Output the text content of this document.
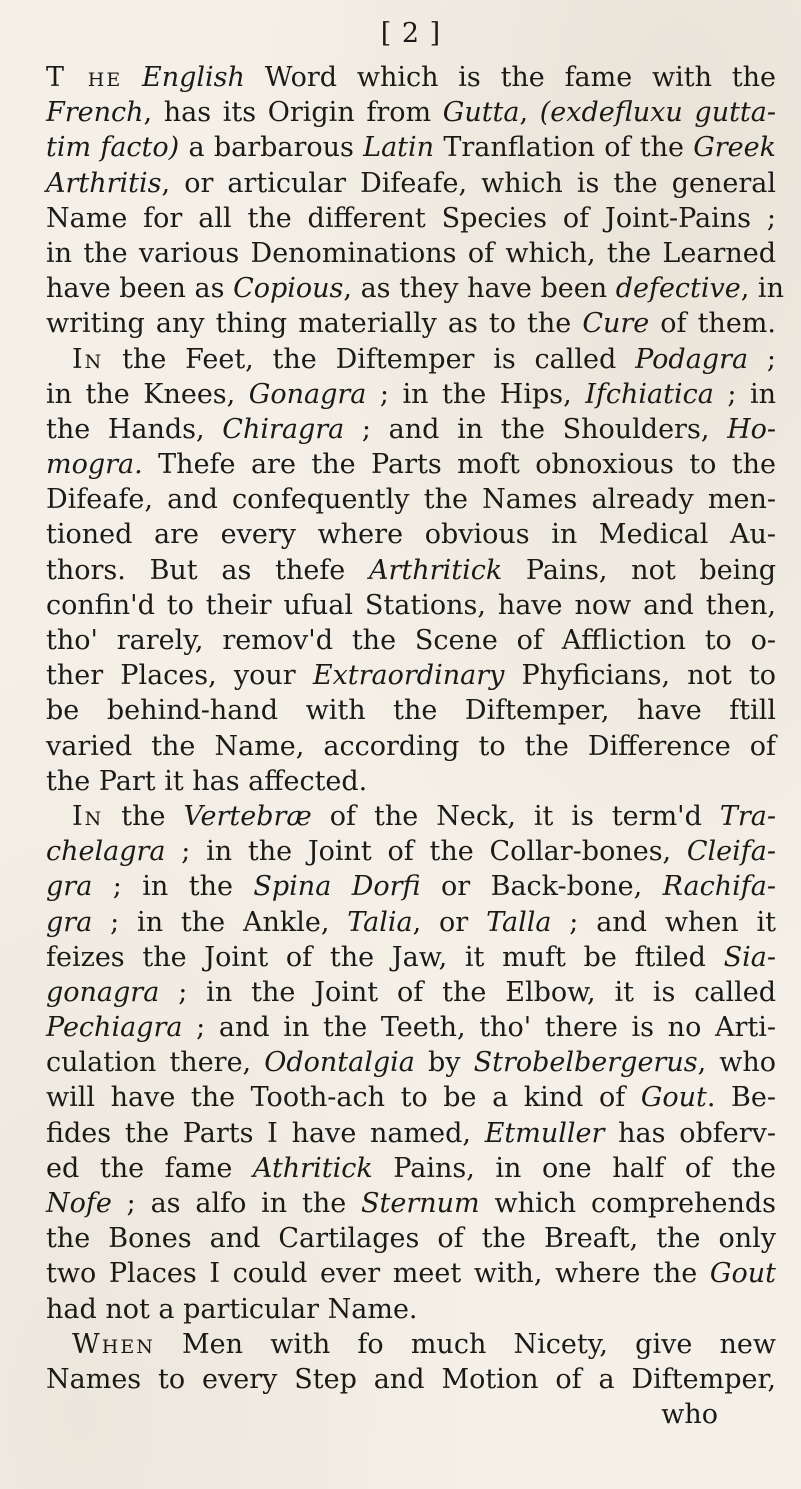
[ 2 ]
T he English Word which is the fame with the
French, has its Origin from Gutta, (exdefluxu gutta-
tim facto) a barbarous Latin Tranflation of the Greek
Arthritis, or articular Difeafe, which is the general
Name for all the different Species of Joint-Pains ;
in the various Denominations of which, the Learned
have been as Copious, as they have been defective, in
writing any thing materially as to the Cure of them.
In the Feet, the Diftemper is called Podagra ;
in the Knees, Gonagra ; in the Hips, Ifchiatica ; in
the Hands, Chiragra ; and in the Shoulders, Ho-
mogra. Thefe are the Parts moft obnoxious to the
Difeafe, and confequently the Names already men-
tioned are every where obvious in Medical Au-
thors. But as thefe Arthritick Pains, not being
confin'd to their ufual Stations, have now and then,
tho' rarely, remov'd the Scene of Affliction to o-
ther Places, your Extraordinary Phyficians, not to
be behind-hand with the Diftemper, have ftill
varied the Name, according to the Difference of
the Part it has affected.
In the Vertebræ of the Neck, it is term'd Tra-
chelagra ; in the Joint of the Collar-bones, Cleifa-
gra ; in the Spina Dorfi or Back-bone, Rachifa-
gra ; in the Ankle, Talia, or Talla ; and when it
feizes the Joint of the Jaw, it muft be ftiled Sia-
gonagra ; in the Joint of the Elbow, it is called
Pechiagra ; and in the Teeth, tho' there is no Arti-
culation there, Odontalgia by Strobelbergerus, who
will have the Tooth-ach to be a kind of Gout. Be-
fides the Parts I have named, Etmuller has obferv-
ed the fame Athritick Pains, in one half of the
Nofe ; as alfo in the Sternum which comprehends
the Bones and Cartilages of the Breaft, the only
two Places I could ever meet with, where the Gout
had not a particular Name.
When Men with fo much Nicety, give new
Names to every Step and Motion of a Diftemper,
who
